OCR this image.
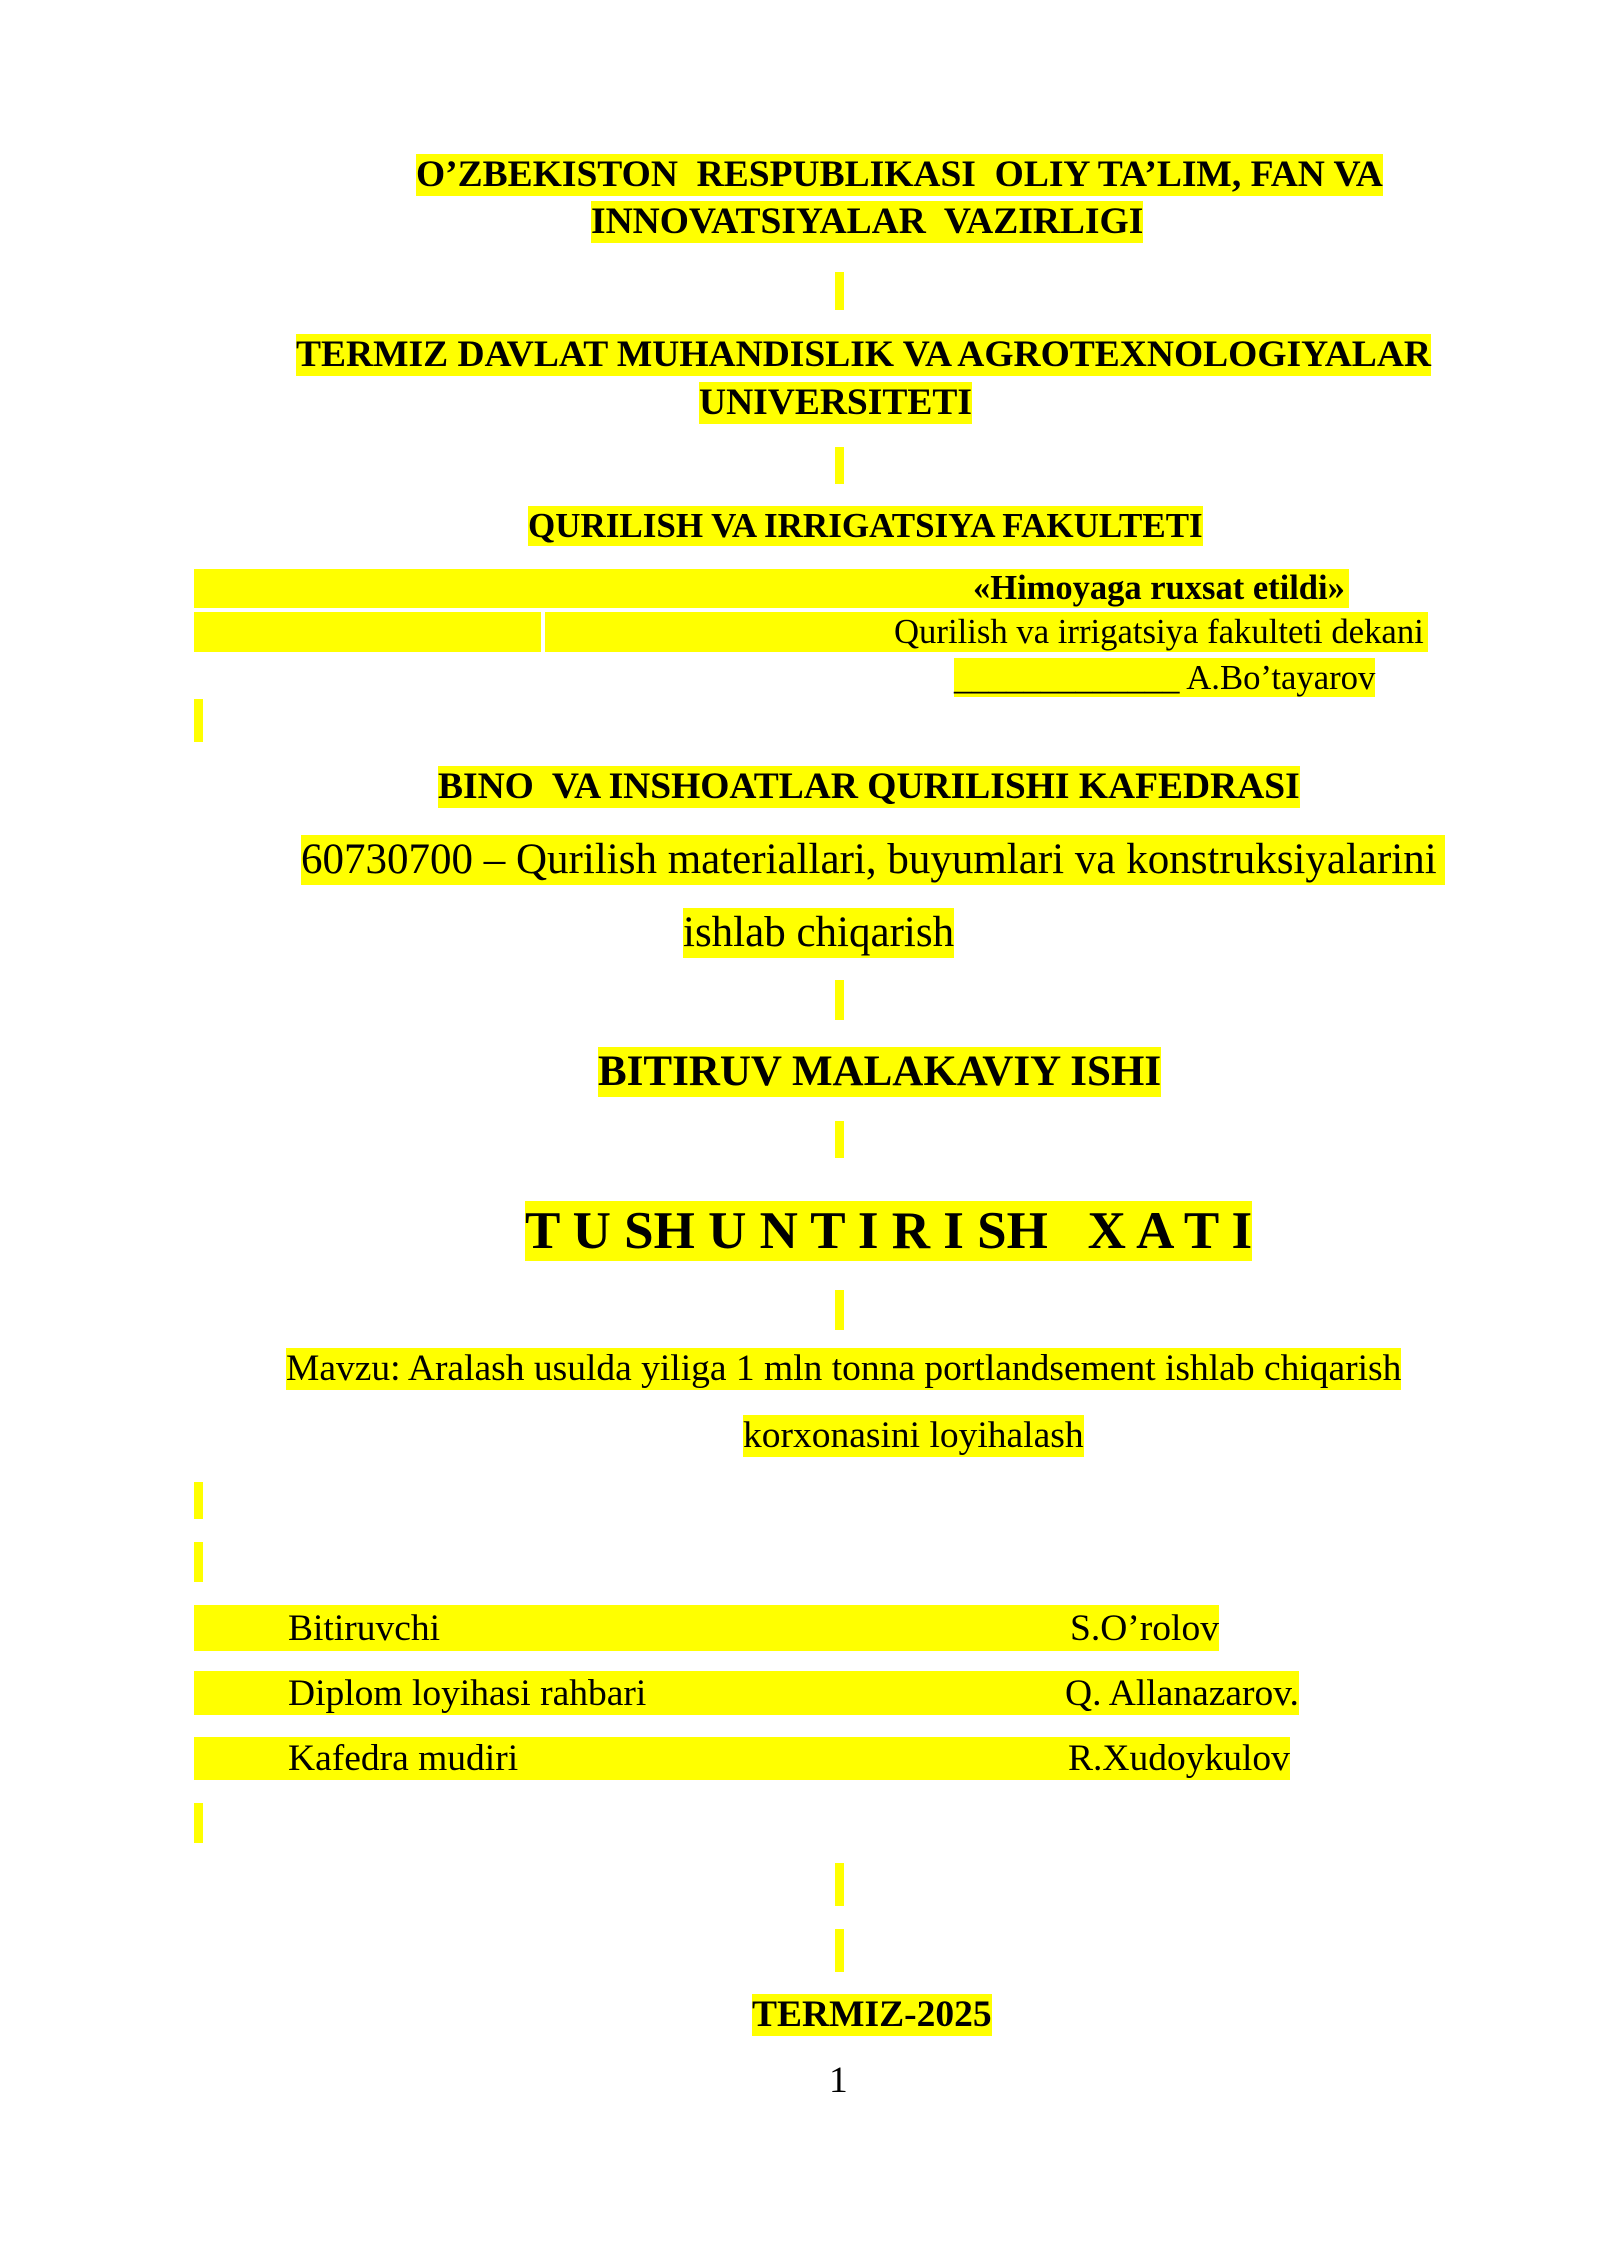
O’ZBEKISTON  RESPUBLIKASI  OLIY TA’LIM, FAN VA
INNOVATSIYALAR  VAZIRLIGI
TERMIZ DAVLAT MUHANDISLIK VA AGROTEXNOLOGIYALAR
UNIVERSITETI
QURILISH VA IRRIGATSIYA FAKULTETI
«Himoyaga ruxsat etildi»
Qurilish va irrigatsiya fakulteti dekani
_____________ A.Bo’tayarov
BINO  VA INSHOATLAR QURILISHI KAFEDRASI
60730700 – Qurilish materiallari, buyumlari va konstruksiyalarini
ishlab chiqarish
BITIRUV MALAKAVIY ISHI
T U SH U N T I R I SH   X A T I
Mavzu: Aralash usulda yiliga 1 mln tonna portlandsement ishlab chiqarish
korxonasini loyihalash
Bitiruvchi	S.O’rolov
Diplom loyihasi rahbari	Q. Allanazarov.
Kafedra mudiri	R.Xudoykulov
TERMIZ-2025
1
